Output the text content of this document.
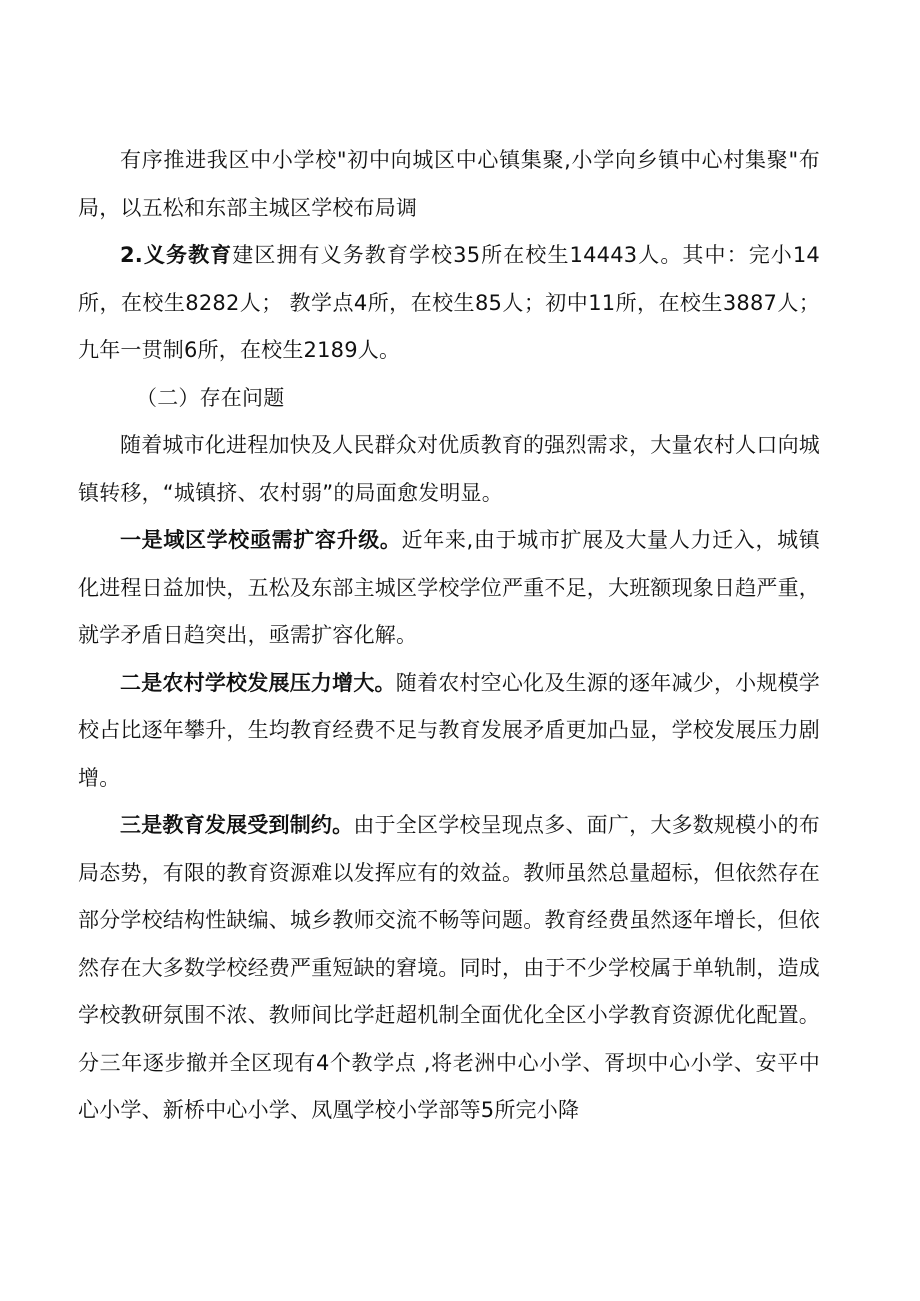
有序推进我区中小学校"初中向城区中心镇集聚,小学向乡镇中心村集聚"布局，以五松和东部主城区学校布局调

2.义务教育建区拥有义务教育学校35所在校生14443人。其中：完小14所，在校生8282人； 教学点4所，在校生85人；初中11所，在校生3887人；九年一贯制6所，在校生2189人。

（二）存在问题

随着城市化进程加快及人民群众对优质教育的强烈需求，大量农村人口向城镇转移，“城镇挤、农村弱”的局面愈发明显。

一是域区学校亟需扩容升级。近年来,由于城市扩展及大量人力迁入，城镇化进程日益加快，五松及东部主城区学校学位严重不足，大班额现象日趋严重，就学矛盾日趋突出，亟需扩容化解。

二是农村学校发展压力增大。随着农村空心化及生源的逐年减少，小规模学校占比逐年攀升，生均教育经费不足与教育发展矛盾更加凸显，学校发展压力剧增。

三是教育发展受到制约。由于全区学校呈现点多、面广，大多数规模小的布局态势，有限的教育资源难以发挥应有的效益。教师虽然总量超标，但依然存在部分学校结构性缺编、城乡教师交流不畅等问题。教育经费虽然逐年增长，但依然存在大多数学校经费严重短缺的窘境。同时，由于不少学校属于单轨制，造成学校教研氛围不浓、教师间比学赶超机制全面优化全区小学教育资源优化配置。分三年逐步撤并全区现有4个教学点 ,将老洲中心小学、胥坝中心小学、安平中心小学、新桥中心小学、凤凰学校小学部等5所完小降
